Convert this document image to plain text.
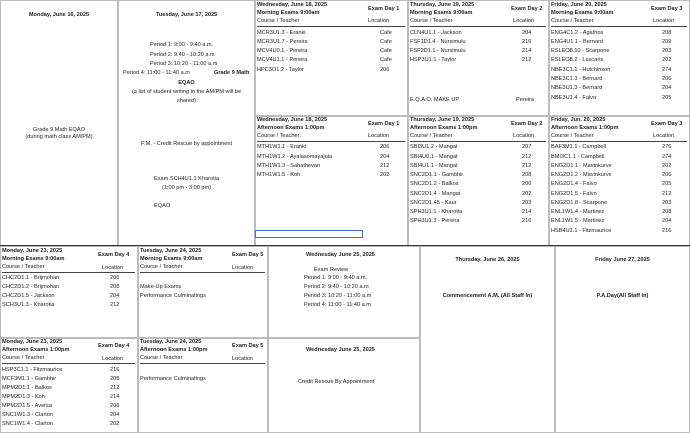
Monday, June 16, 2025
Grade 9 Math EQAO
(during math class AM/PM)
Tuesday, June 17, 2025
Period 1: 9:00 - 9:40 a.m.
Period 2: 9:40 - 10:20 a.m
Period 3: 10:20 - 11:00 a.m
Period 4: 11:00 - 11:40 a.m	Grade 9 Math
EQAO
(a list of student writing in the AM/PM will be
shared)
P.M. - Credit Rescue by appointment
Exam SCH4U1.1 Kharotia
(1:00 pm - 3:00 pm)
EQAO
Wednesday, June 18, 2025
Morning Exams 9:00am
Exam Day 1
Course / Teacher	Location
MCR3U1.3 - Eranki	Cafe
MCR3U1.7 - Pereira	Cafe
MCV4U0.1 - Pereira	Cafe
MCV4U1.1 - Pereira	Cafe
HPC3O1.2 - Taylor	206
Thursday, June 19, 2025
Morning Exams 9:00am
Exam Day 2
Course / Teacher	Location
CLN4U1.1 - Jackson	204
FSF1D1.4 - Nursimulu	216
FSF2D1.1 - Nursimulu	214
HSP3U1.1 - Taylor	212
E.Q.A.O. MAKE UP	Pereira
Friday, June 20, 2025
Morning Exams 9:00am
Exam Day 3
Course / Teacher	Location
ENG4C1.2 - Agathos	208
ENG4U1.1 - Bernard	209
ESLEO8.10 - Scarpone	203
ESLEO8.2 - Lascaris	202
NBE3C1.1 - Hutchinson	274
NBE3C1.3 - Bernard	206
NBE3U1.3 - Bernard	204
NBE3U1.4 - Falvo	205
Wednesday, June 18, 2025
Afternoon Exams 1:00pm
Exam Day 1
Course / Teacher	Location
MTH1W1.1 - Eranki	206
MTH1W1.2 - Ayalasomayajula	204
MTH1W1.3 - Sahathevan	212
MTH1W1.5 - Koh	202
Thursday, June 19, 2025
Afternoon Exams 1:00pm
Exam Day 2
Course / Teacher	Location
SBI3U1.2 - Mangat	207
SBI4U0.1 - Mangat	212
SBI4U1.1 - Mangat	212
SNC2D1.1 - Gambhir	208
SNC2D1.2 - Balkos	206
SNC2D1.4 - Mangat	202
SNC2D1.45 - Kaur	203
SPH3U1.1 - Kharotia	214
SPH3U1.3 - Pereira	216
Friday, Jun. 20, 2025
Afternoon Exams 1:00pm
Exam Day 3
Course / Teacher	Location
BAF3M1.1 - Campbell	276
BMI3C1.1 - Campbell	274
ENG2D1.1 - Mavinkurve	202
ENG2D1.2 - Mavinkurve	206
ENG2D1.4 - Falvo	205
ENG2D1.5 - Falvo	212
ENG2D1.8 - Scarpone	203
ENL1W1.4 - Martinez	208
ENL1W1.5 - Martinez	204
HSB4U1.1 - Fitzmaurice	216
Monday, June 23, 2025
Morning Exams 9:00am
Exam Day 4
Course / Teacher	Location
CHC2D1.1 - Brijmohan	206
CHC2D1.2 - Brijmohan	208
CHC2D1.5 - Jackson	204
SCH3U1.3 - Kharotia	212
Tuesday, June 24, 2025
Morning Exams 9:00am
Exam Day 5
Course / Teacher	Location
Make-Up Exams
Performance Culminatings
Wednesday June 25, 2025
Exam Review
Period 1: 9:00 - 9:40 a.m.
Period 2: 9:40 - 10:20 a.m
Period 3: 10:20 - 11:00 a.m
Period 4: 11:00 - 11:40 a.m
Thursday, June 26, 2025
Commencement A.M. (All Staff In)
Friday June 27, 2025
P.A.Day(All Staff In)
Monday, June 23, 2025
Afternoon Exams 1:00pm
Exam Day 4
Course / Teacher	Location
HSP3C1.1 - Fitzmaurice	216
MCF3M1.1 - Gambhir	208
MPM2D1.1 - Balkos	212
MPM2D1.3 - Koh	214
MPM2D1.5 - Aversa	206
SNC1W1.3 - Clarton	204
SNC1W1.4 - Clarton	202
Tuesday, June 24, 2025
Afternoon Exams 1:00pm
Exam Day 5
Course / Teacher	Location
Performance Culminatings
Wednesday June 25, 2025
Credit Rescue By Appointment
